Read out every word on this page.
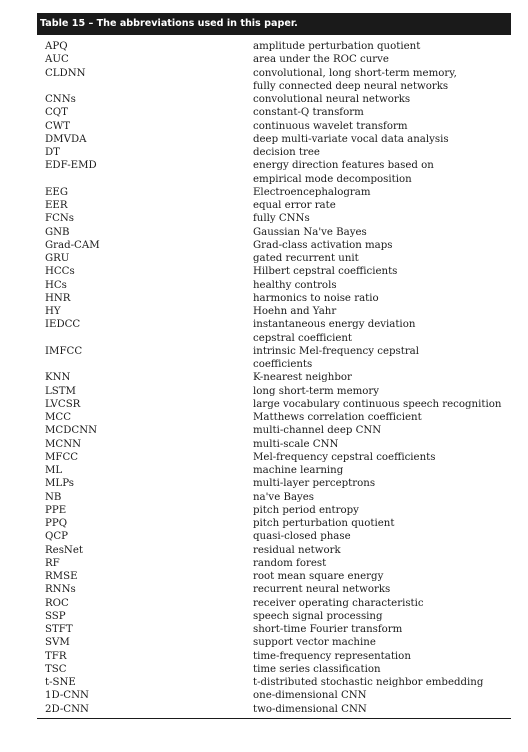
Table 15 – The abbreviations used in this paper.
APQ	amplitude perturbation quotient
AUC	area under the ROC curve
CLDNN	convolutional, long short-term memory,
fully connected deep neural networks
CNNs	convolutional neural networks
CQT	constant-Q transform
CWT	continuous wavelet transform
DMVDA	deep multi-variate vocal data analysis
DT	decision tree
EDF-EMD	energy direction features based on
empirical mode decomposition
EEG	Electroencephalogram
EER	equal error rate
FCNs	fully CNNs
GNB	Gaussian Na've Bayes
Grad-CAM	Grad-class activation maps
GRU	gated recurrent unit
HCCs	Hilbert cepstral coefficients
HCs	healthy controls
HNR	harmonics to noise ratio
HY	Hoehn and Yahr
IEDCC	instantaneous energy deviation
cepstral coefficient
IMFCC	intrinsic Mel-frequency cepstral
coefficients
KNN	K-nearest neighbor
LSTM	long short-term memory
LVCSR	large vocabulary continuous speech recognition
MCC	Matthews correlation coefficient
MCDCNN	multi-channel deep CNN
MCNN	multi-scale CNN
MFCC	Mel-frequency cepstral coefficients
ML	machine learning
MLPs	multi-layer perceptrons
NB	na've Bayes
PPE	pitch period entropy
PPQ	pitch perturbation quotient
QCP	quasi-closed phase
ResNet	residual network
RF	random forest
RMSE	root mean square energy
RNNs	recurrent neural networks
ROC	receiver operating characteristic
SSP	speech signal processing
STFT	short-time Fourier transform
SVM	support vector machine
TFR	time-frequency representation
TSC	time series classification
t-SNE	t-distributed stochastic neighbor embedding
1D-CNN	one-dimensional CNN
2D-CNN	two-dimensional CNN
